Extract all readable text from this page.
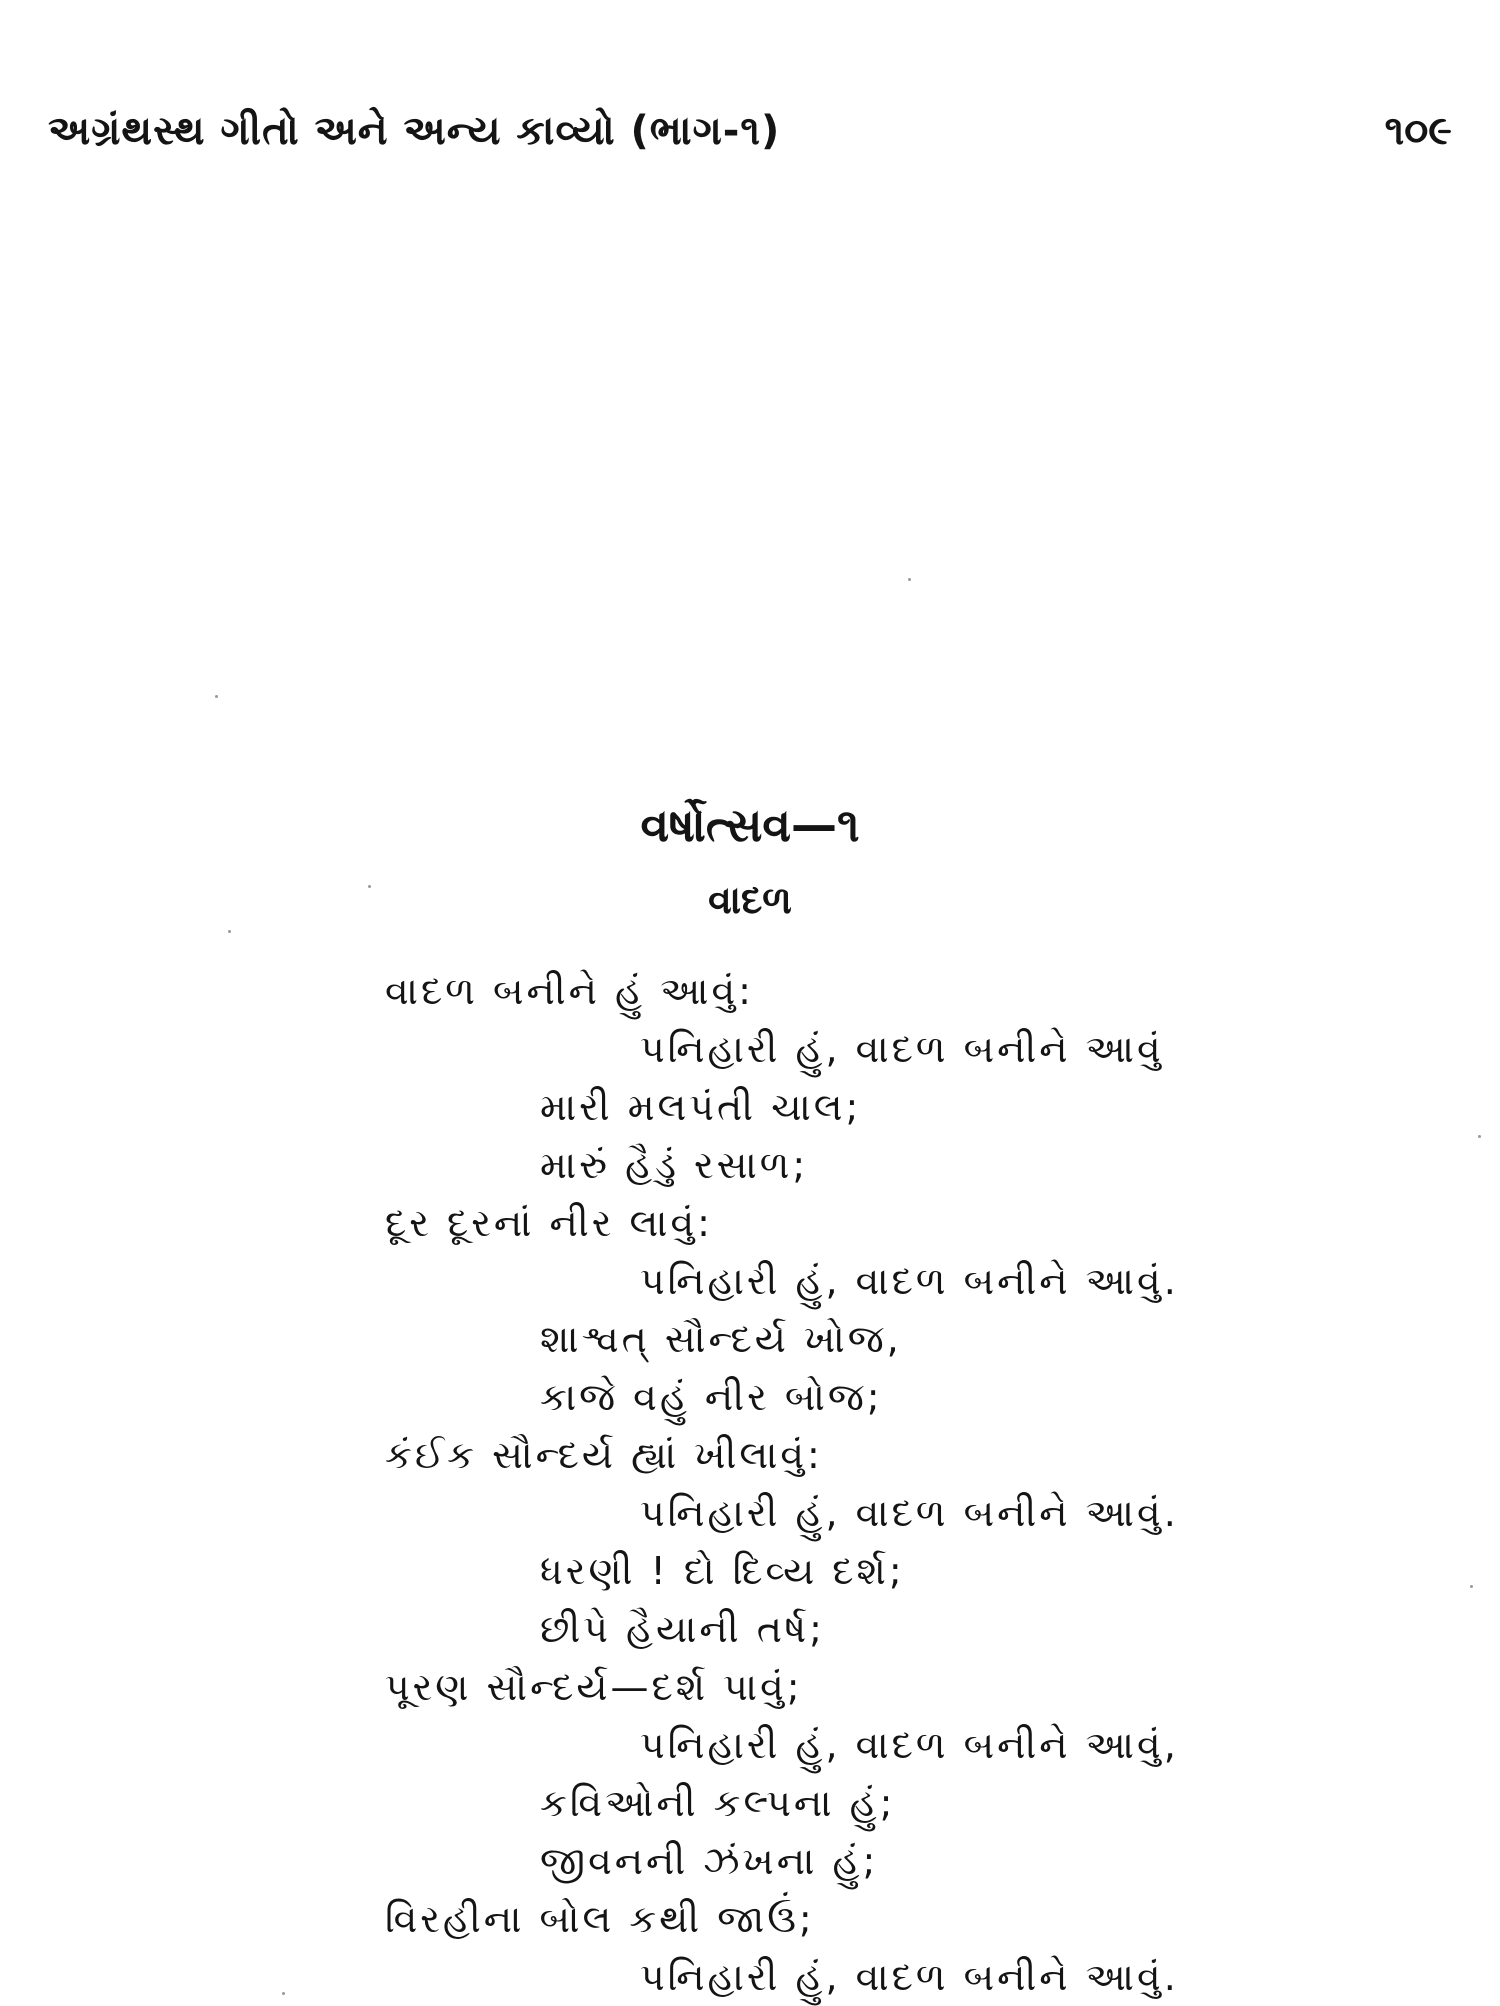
અગ્રંથસ્થ ગીતો અને અન્ય કાવ્યો (ભાગ-૧)	૧૦૯
વર્ષોત્સવ—૧
વાદળ
વાદળ બનીને હું આવું:
પનિહારી હું, વાદળ બનીને આવું
મારી મલપંતી ચાલ;
મારું હૈડું રસાળ;
દૂર દૂરનાં નીર લાવું:
પનિહારી હું, વાદળ બનીને આવું.
શાશ્વત્ સૌન્દર્ય ખોજ,
કાજે વહું નીર બોજ;
કંઈક સૌન્દર્ય હ્યાં ખીલાવું:
પનિહારી હું, વાદળ બનીને આવું.
ધરણી ! દો દિવ્ય દર્શ;
છીપે હૈયાની તર્ષ;
પૂરણ સૌન્દર્ય—દર્શ પાવું;
પનિહારી હું, વાદળ બનીને આવું,
કવિઓની કલ્પના હું;
જીવનની ઝંખના હું;
વિરહીના બોલ કથી જાઉં;
પનિહારી હું, વાદળ બનીને આવું.
